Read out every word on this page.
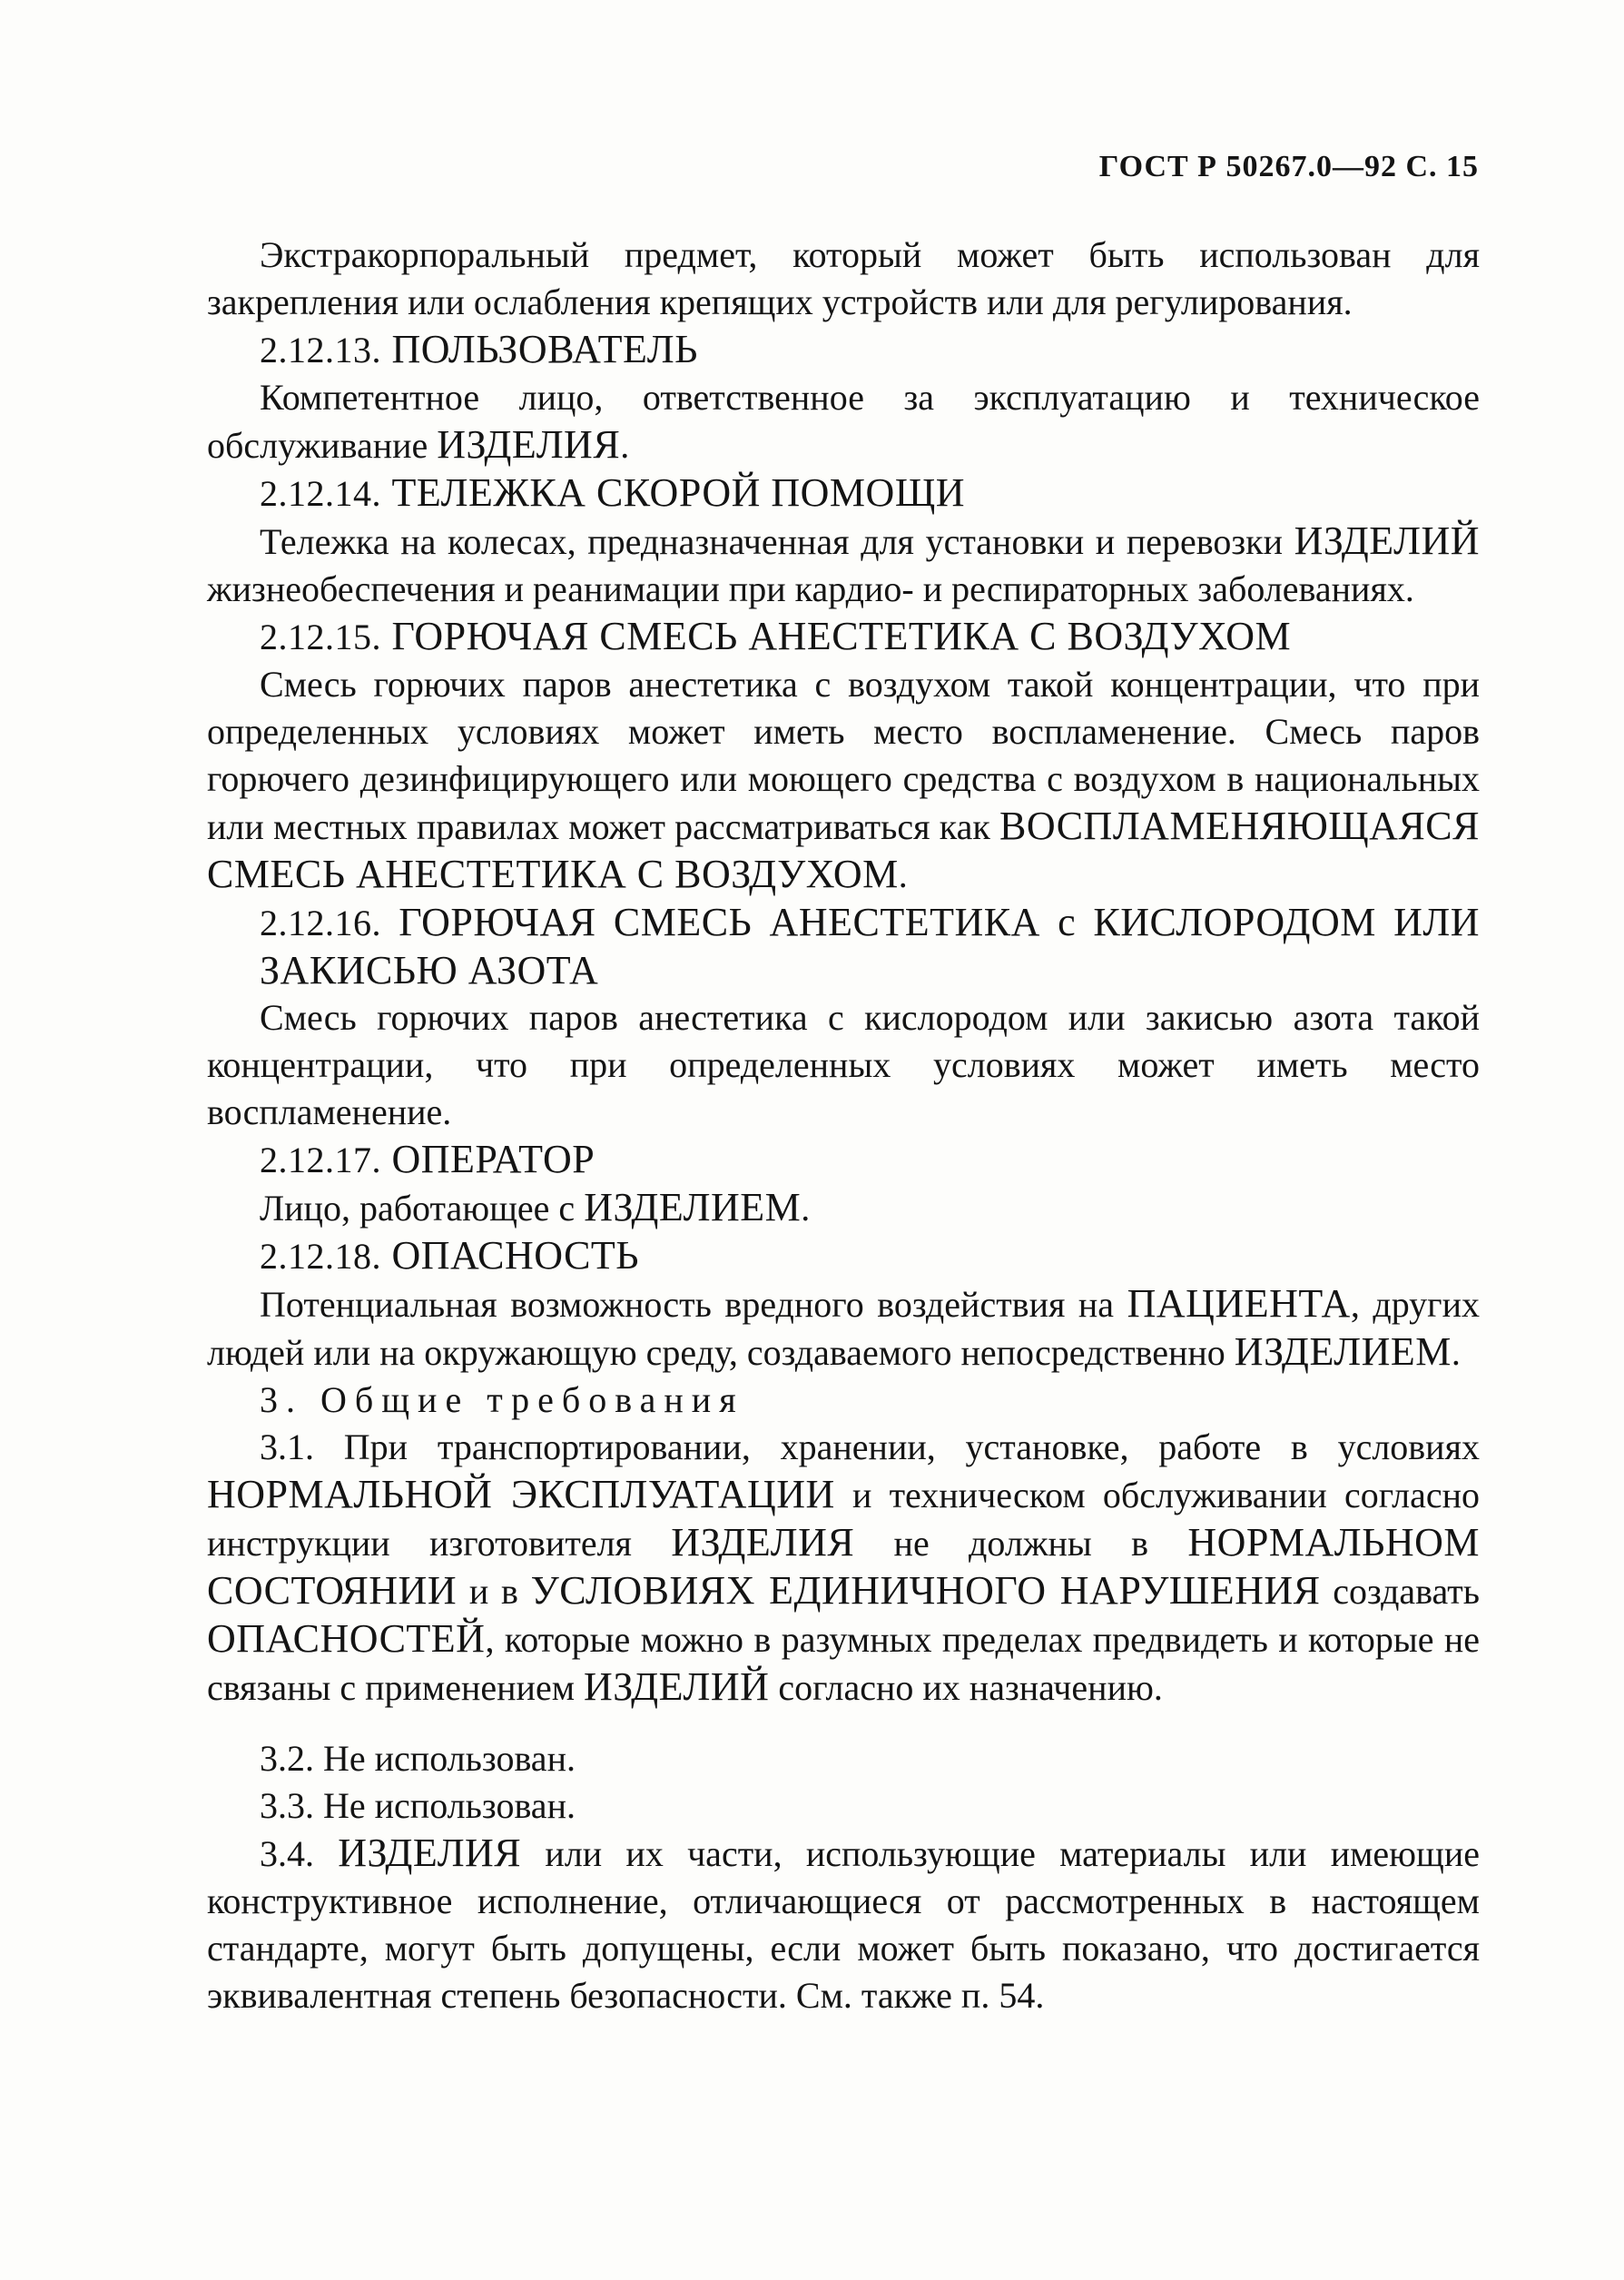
ГОСТ Р 50267.0—92 С. 15

Экстракорпоральный предмет, который может быть использован для закрепления или ослабления крепящих устройств или для регулирования.

2.12.13. ПОЛЬЗОВАТЕЛЬ

Компетентное лицо, ответственное за эксплуатацию и техническое обслуживание ИЗДЕЛИЯ.

2.12.14. ТЕЛЕЖКА СКОРОЙ ПОМОЩИ

Тележка на колесах, предназначенная для установки и перевозки ИЗДЕЛИЙ жизнеобеспечения и реанимации при кардио- и респираторных заболеваниях.

2.12.15. ГОРЮЧАЯ СМЕСЬ АНЕСТЕТИКА С ВОЗДУХОМ

Смесь горючих паров анестетика с воздухом такой концентрации, что при определенных условиях может иметь место воспламенение. Смесь паров горючего дезинфицирующего или моющего средства с воздухом в национальных или местных правилах может рассматриваться как ВОСПЛАМЕНЯЮЩАЯСЯ СМЕСЬ АНЕСТЕТИКА С ВОЗДУХОМ.

2.12.16. ГОРЮЧАЯ СМЕСЬ АНЕСТЕТИКА с КИСЛОРОДОМ ИЛИ ЗАКИСЬЮ АЗОТА

Смесь горючих паров анестетика с кислородом или закисью азота такой концентрации, что при определенных условиях может иметь место воспламенение.

2.12.17. ОПЕРАТОР

Лицо, работающее с ИЗДЕЛИЕМ.

2.12.18. ОПАСНОСТЬ

Потенциальная возможность вредного воздействия на ПАЦИЕНТА, других людей или на окружающую среду, создаваемого непосредственно ИЗДЕЛИЕМ.

3. Общие требования

3.1. При транспортировании, хранении, установке, работе в условиях НОРМАЛЬНОЙ ЭКСПЛУАТАЦИИ и техническом обслуживании согласно инструкции изготовителя ИЗДЕЛИЯ не должны в НОРМАЛЬНОМ СОСТОЯНИИ и в УСЛОВИЯХ ЕДИНИЧНОГО НАРУШЕНИЯ создавать ОПАСНОСТЕЙ, которые можно в разумных пределах предвидеть и которые не связаны с применением ИЗДЕЛИЙ согласно их назначению.

3.2. Не использован.

3.3. Не использован.

3.4. ИЗДЕЛИЯ или их части, использующие материалы или имеющие конструктивное исполнение, отличающиеся от рассмотренных в настоящем стандарте, могут быть допущены, если может быть показано, что достигается эквивалентная степень безопасности. См. также п. 54.
